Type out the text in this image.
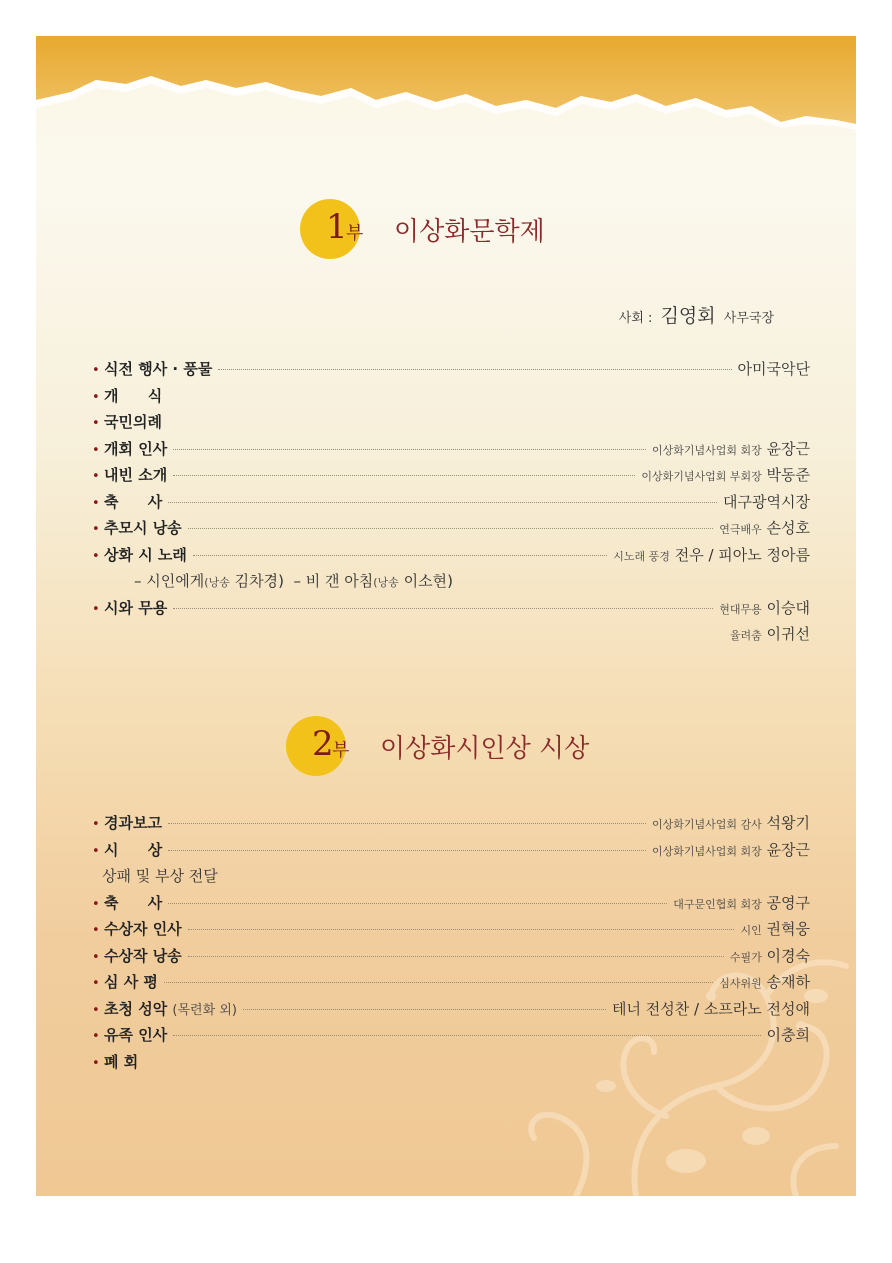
1
부 이상화문학제
사회 : 김영회 사무국장
• 식전 행사 · 풍물	아미국악단
• 개 식
• 국민의례
• 개회 인사	이상화기념사업회 회장 윤장근
• 내빈 소개	이상화기념사업회 부회장 박동준
• 축 사	대구광역시장
• 추모시 낭송	연극배우 손성호
• 상화 시 노래	시노래 풍경 전우 / 피아노 정아름
–
시인에게 (낭송
김차경 )
–
비 갠 아침 (낭송
이소현 )
• 시와 무용	현대무용 이승대
율려춤 이귀선
2
부 이상화시인상 시상
• 경과보고	이상화기념사업회 감사 석왕기
• 시 상	이상화기념사업회 회장 윤장근
상패 및 부상 전달
• 축 사	대구문인협회 회장 공영구
• 수상자 인사	시인 권혁웅
• 수상작 낭송	수필가 이경숙
• 심 사 평	심사위원 송재하
• 초청 성악 (목련화 외)	테너 전성찬 / 소프라노 전성애
• 유족 인사	이충희
• 폐 회
